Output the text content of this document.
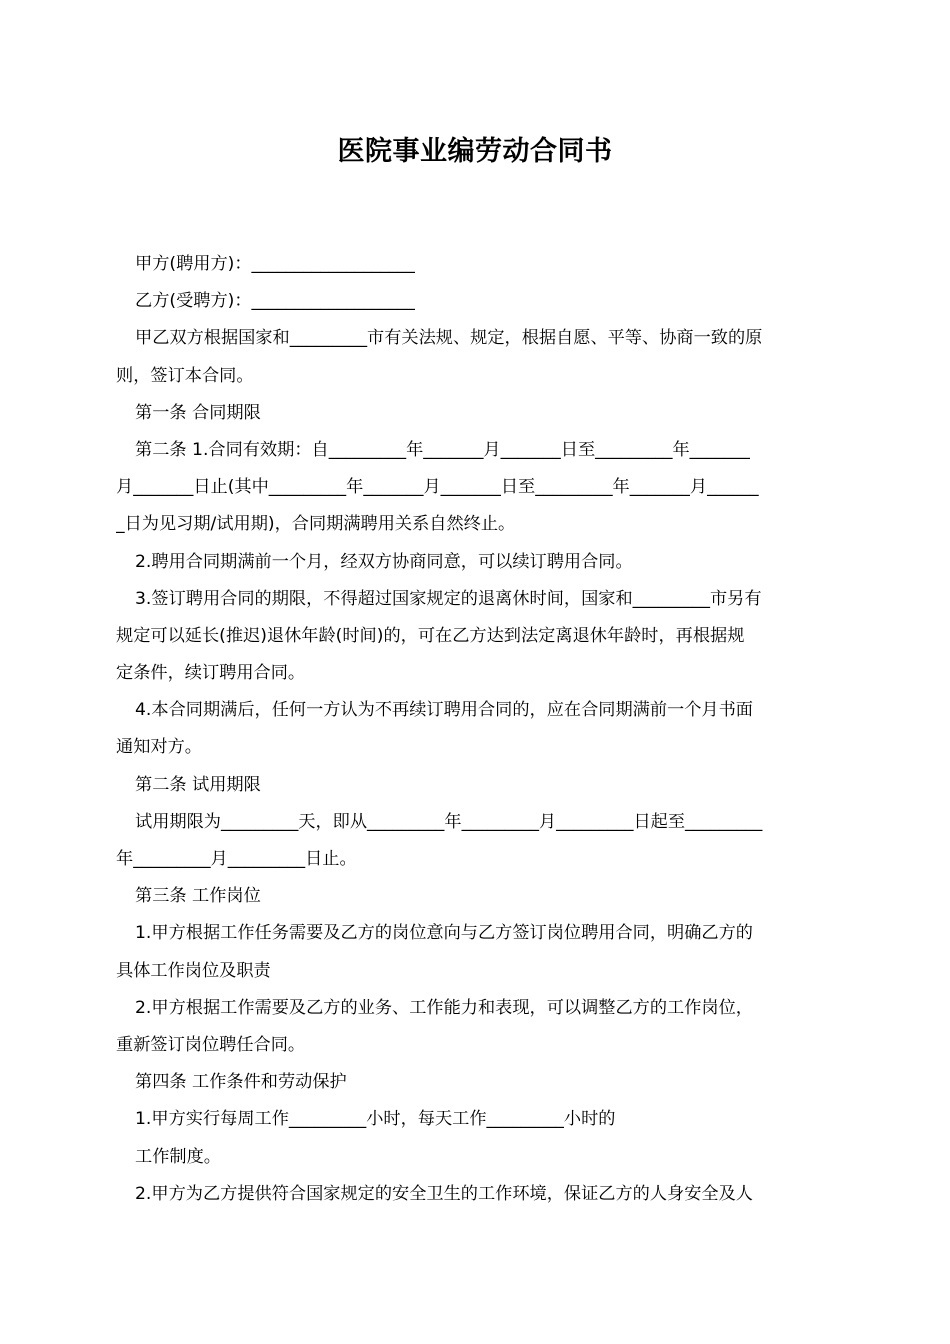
医院事业编劳动合同书
甲方(聘用方)：___________________
乙方(受聘方)：___________________
甲乙双方根据国家和_________市有关法规、规定，根据自愿、平等、协商一致的原
则，签订本合同。
第一条 合同期限
第二条 1.合同有效期：自_________年_______月_______日至_________年_______
月_______日止(其中_________年_______月_______日至_________年_______月______
_日为见习期/试用期)，合同期满聘用关系自然终止。
2.聘用合同期满前一个月，经双方协商同意，可以续订聘用合同。
3.签订聘用合同的期限，不得超过国家规定的退离休时间，国家和_________市另有
规定可以延长(推迟)退休年龄(时间)的，可在乙方达到法定离退休年龄时，再根据规
定条件，续订聘用合同。
4.本合同期满后，任何一方认为不再续订聘用合同的，应在合同期满前一个月书面
通知对方。
第二条 试用期限
试用期限为_________天，即从_________年_________月_________日起至_________
年_________月_________日止。
第三条 工作岗位
1.甲方根据工作任务需要及乙方的岗位意向与乙方签订岗位聘用合同，明确乙方的
具体工作岗位及职责
2.甲方根据工作需要及乙方的业务、工作能力和表现，可以调整乙方的工作岗位，
重新签订岗位聘任合同。
第四条 工作条件和劳动保护
1.甲方实行每周工作_________小时，每天工作_________小时的
工作制度。
2.甲方为乙方提供符合国家规定的安全卫生的工作环境，保证乙方的人身安全及人
